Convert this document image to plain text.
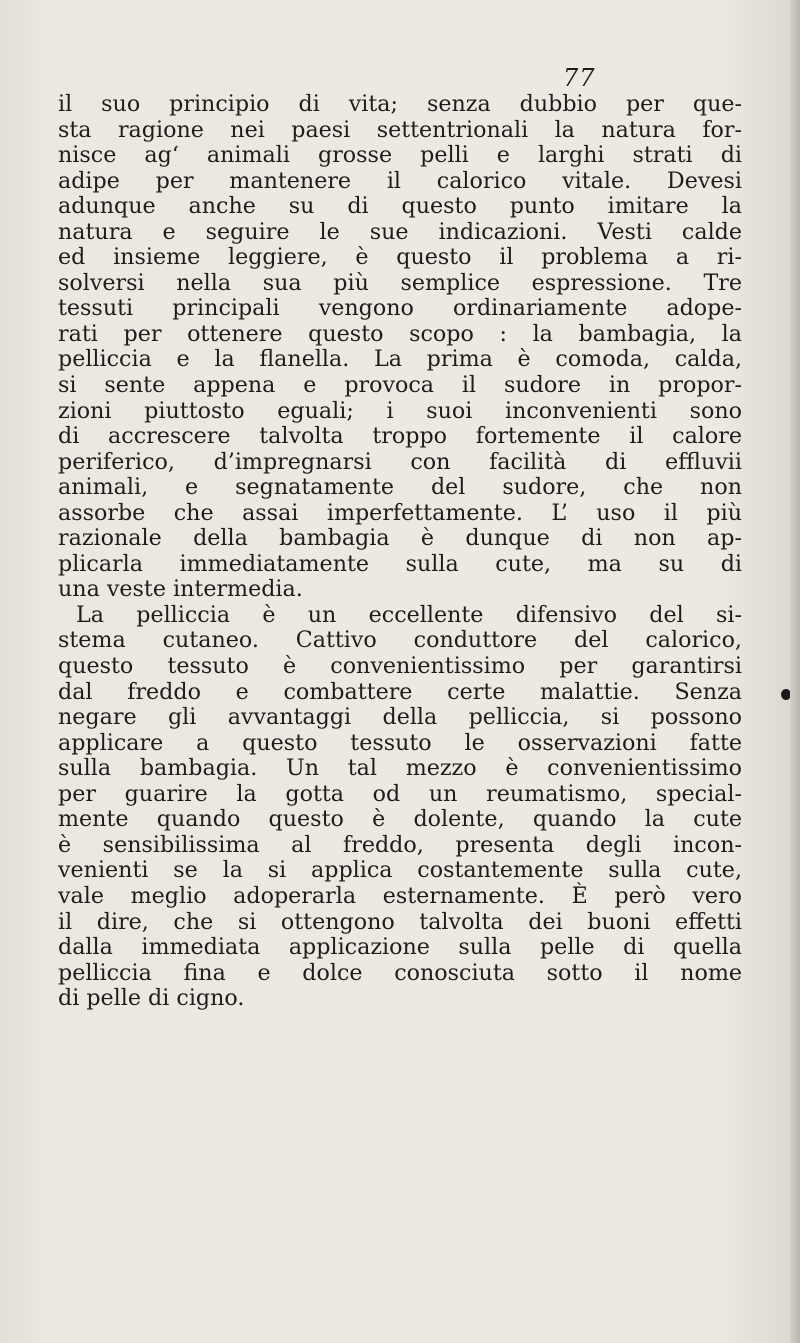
77
il suo principio di vita; senza dubbio per que-
sta ragione nei paesi settentrionali la natura for-
nisce agʻ animali grosse pelli e larghi strati di
adipe per mantenere il calorico vitale. Devesi
adunque anche su di questo punto imitare la
natura e seguire le sue indicazioni. Vesti calde
ed insieme leggiere, è questo il problema a ri-
solversi nella sua più semplice espressione. Tre
tessuti principali vengono ordinariamente adope-
rati per ottenere questo scopo : la bambagia, la
pelliccia e la flanella. La prima è comoda, calda,
si sente appena e provoca il sudore in propor-
zioni piuttosto eguali; i suoi inconvenienti sono
di accrescere talvolta troppo fortemente il calore
periferico, d’impregnarsi con facilità di effluvii
animali, e segnatamente del sudore, che non
assorbe che assai imperfettamente. L’ uso il più
razionale della bambagia è dunque di non ap-
plicarla immediatamente sulla cute, ma su di
una veste intermedia.
La pelliccia è un eccellente difensivo del si-
stema cutaneo. Cattivo conduttore del calorico,
questo tessuto è convenientissimo per garantirsi
dal freddo e combattere certe malattie. Senza
negare gli avvantaggi della pelliccia, si possono
applicare a questo tessuto le osservazioni fatte
sulla bambagia. Un tal mezzo è convenientissimo
per guarire la gotta od un reumatismo, special-
mente quando questo è dolente, quando la cute
è sensibilissima al freddo, presenta degli incon-
venienti se la si applica costantemente sulla cute,
vale meglio adoperarla esternamente. È però vero
il dire, che si ottengono talvolta dei buoni effetti
dalla immediata applicazione sulla pelle di quella
pelliccia fina e dolce conosciuta sotto il nome
di pelle di cigno.
